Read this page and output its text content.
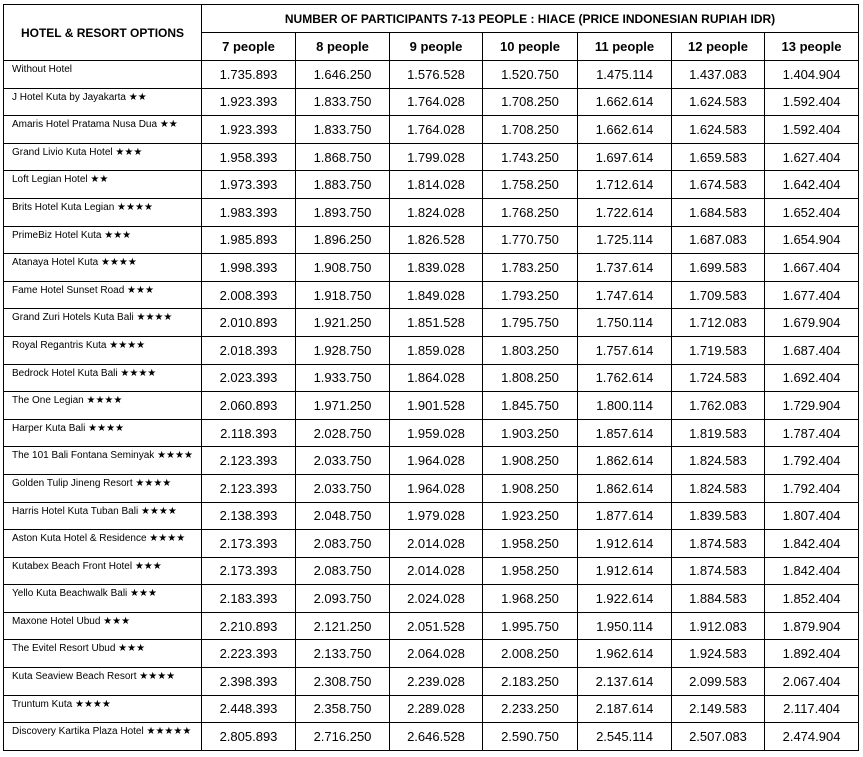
HOTEL & RESORT OPTIONS	NUMBER OF PARTICIPANTS 7-13 PEOPLE : HIACE (PRICE INDONESIAN RUPIAH IDR)						
	7 people	8 people	9 people	10 people	11 people	12 people	13 people
Without Hotel	1.735.893	1.646.250	1.576.528	1.520.750	1.475.114	1.437.083	1.404.904
J Hotel Kuta by Jayakarta ★★	1.923.393	1.833.750	1.764.028	1.708.250	1.662.614	1.624.583	1.592.404
Amaris Hotel Pratama Nusa Dua ★★	1.923.393	1.833.750	1.764.028	1.708.250	1.662.614	1.624.583	1.592.404
Grand Livio Kuta Hotel ★★★	1.958.393	1.868.750	1.799.028	1.743.250	1.697.614	1.659.583	1.627.404
Loft Legian Hotel ★★	1.973.393	1.883.750	1.814.028	1.758.250	1.712.614	1.674.583	1.642.404
Brits Hotel Kuta Legian ★★★★	1.983.393	1.893.750	1.824.028	1.768.250	1.722.614	1.684.583	1.652.404
PrimeBiz Hotel Kuta ★★★	1.985.893	1.896.250	1.826.528	1.770.750	1.725.114	1.687.083	1.654.904
Atanaya Hotel Kuta ★★★★	1.998.393	1.908.750	1.839.028	1.783.250	1.737.614	1.699.583	1.667.404
Fame Hotel Sunset Road ★★★	2.008.393	1.918.750	1.849.028	1.793.250	1.747.614	1.709.583	1.677.404
Grand Zuri Hotels Kuta Bali ★★★★	2.010.893	1.921.250	1.851.528	1.795.750	1.750.114	1.712.083	1.679.904
Royal Regantris Kuta ★★★★	2.018.393	1.928.750	1.859.028	1.803.250	1.757.614	1.719.583	1.687.404
Bedrock Hotel Kuta Bali ★★★★	2.023.393	1.933.750	1.864.028	1.808.250	1.762.614	1.724.583	1.692.404
The One Legian ★★★★	2.060.893	1.971.250	1.901.528	1.845.750	1.800.114	1.762.083	1.729.904
Harper Kuta Bali ★★★★	2.118.393	2.028.750	1.959.028	1.903.250	1.857.614	1.819.583	1.787.404
The 101 Bali Fontana Seminyak ★★★★	2.123.393	2.033.750	1.964.028	1.908.250	1.862.614	1.824.583	1.792.404
Golden Tulip Jineng Resort ★★★★	2.123.393	2.033.750	1.964.028	1.908.250	1.862.614	1.824.583	1.792.404
Harris Hotel Kuta Tuban Bali ★★★★	2.138.393	2.048.750	1.979.028	1.923.250	1.877.614	1.839.583	1.807.404
Aston Kuta Hotel & Residence ★★★★	2.173.393	2.083.750	2.014.028	1.958.250	1.912.614	1.874.583	1.842.404
Kutabex Beach Front Hotel ★★★	2.173.393	2.083.750	2.014.028	1.958.250	1.912.614	1.874.583	1.842.404
Yello Kuta Beachwalk Bali ★★★	2.183.393	2.093.750	2.024.028	1.968.250	1.922.614	1.884.583	1.852.404
Maxone Hotel Ubud ★★★	2.210.893	2.121.250	2.051.528	1.995.750	1.950.114	1.912.083	1.879.904
The Evitel Resort Ubud ★★★	2.223.393	2.133.750	2.064.028	2.008.250	1.962.614	1.924.583	1.892.404
Kuta Seaview Beach Resort ★★★★	2.398.393	2.308.750	2.239.028	2.183.250	2.137.614	2.099.583	2.067.404
Truntum Kuta ★★★★	2.448.393	2.358.750	2.289.028	2.233.250	2.187.614	2.149.583	2.117.404
Discovery Kartika Plaza Hotel ★★★★★	2.805.893	2.716.250	2.646.528	2.590.750	2.545.114	2.507.083	2.474.904
